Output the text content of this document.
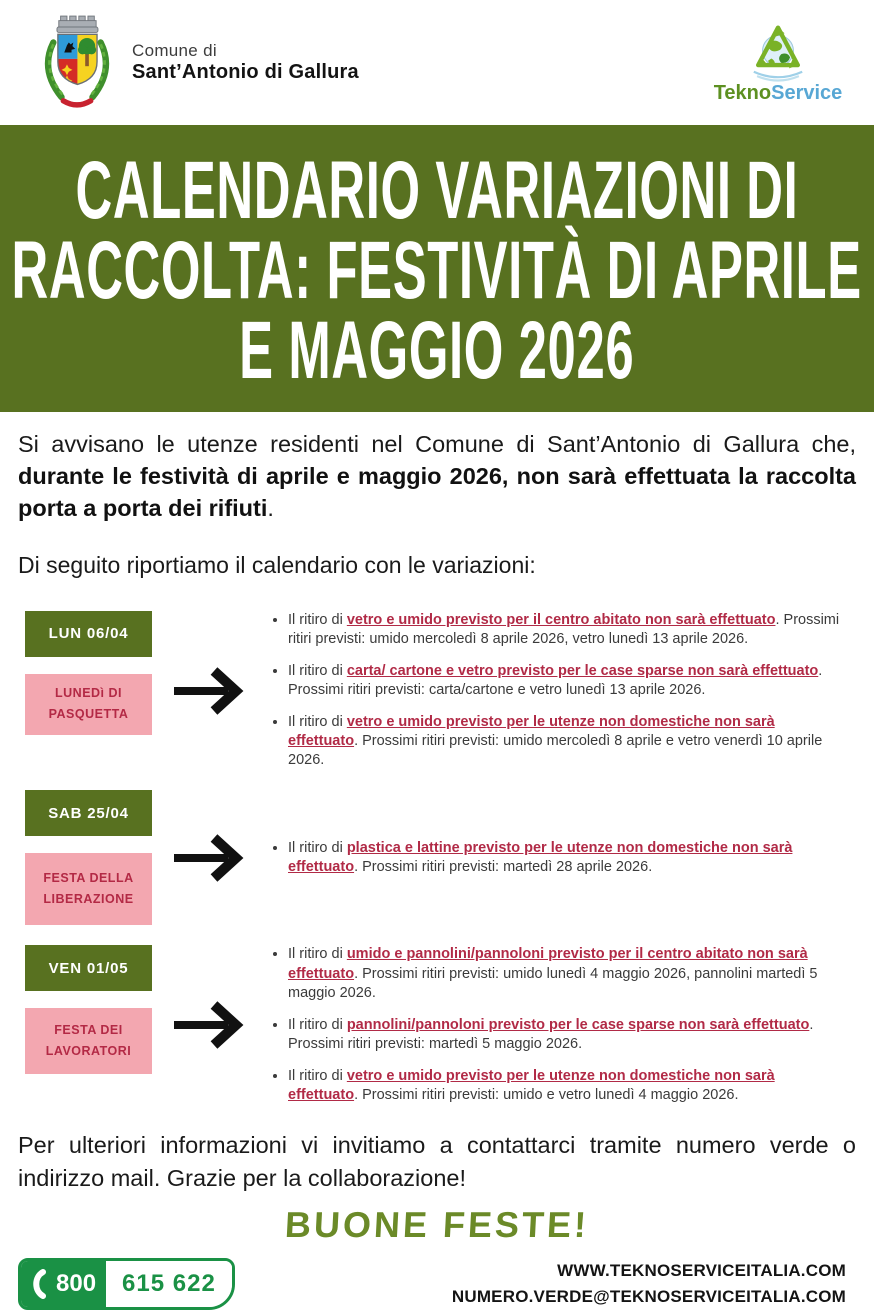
Comune di
Sant’Antonio di Gallura
TeknoService
CALENDARIO VARIAZIONI DI
RACCOLTA: FESTIVITÀ DI APRILE
E MAGGIO 2026

Si avvisano le utenze residenti nel Comune di Sant’Antonio di Gallura che, durante le festività di aprile e maggio 2026, non sarà effettuata la raccolta porta a porta dei rifiuti.

Di seguito riportiamo il calendario con le variazioni:

LUN 06/04
LUNEDì DI
PASQUETTA
• Il ritiro di vetro e umido previsto per il centro abitato non sarà effettuato. Prossimi ritiri previsti: umido mercoledì 8 aprile 2026, vetro lunedì 13 aprile 2026.
• Il ritiro di carta/ cartone e vetro previsto per le case sparse non sarà effettuato. Prossimi ritiri previsti: carta/cartone e vetro lunedì 13 aprile 2026.
• Il ritiro di vetro e umido previsto per le utenze non domestiche non sarà effettuato. Prossimi ritiri previsti: umido mercoledì 8 aprile e vetro venerdì 10 aprile 2026.
SAB 25/04
FESTA DELLA
LIBERAZIONE
• Il ritiro di plastica e lattine previsto per le utenze non domestiche non sarà effettuato. Prossimi ritiri previsti: martedì 28 aprile 2026.
VEN 01/05
FESTA DEI
LAVORATORI
• Il ritiro di umido e pannolini/pannoloni previsto per il centro abitato non sarà effettuato. Prossimi ritiri previsti: umido lunedì 4 maggio 2026, pannolini martedì 5 maggio 2026.
• Il ritiro di pannolini/pannoloni previsto per le case sparse non sarà effettuato. Prossimi ritiri previsti: martedì 5 maggio 2026.
• Il ritiro di vetro e umido previsto per le utenze non domestiche non sarà effettuato. Prossimi ritiri previsti: umido e vetro lunedì 4 maggio 2026.

Per ulteriori informazioni vi invitiamo a contattarci tramite numero verde o indirizzo mail. Grazie per la collaborazione!

BUONE FESTE!
800 615 622	WWW.TEKNOSERVICEITALIA.COM
NUMERO.VERDE@TEKNOSERVICEITALIA.COM
